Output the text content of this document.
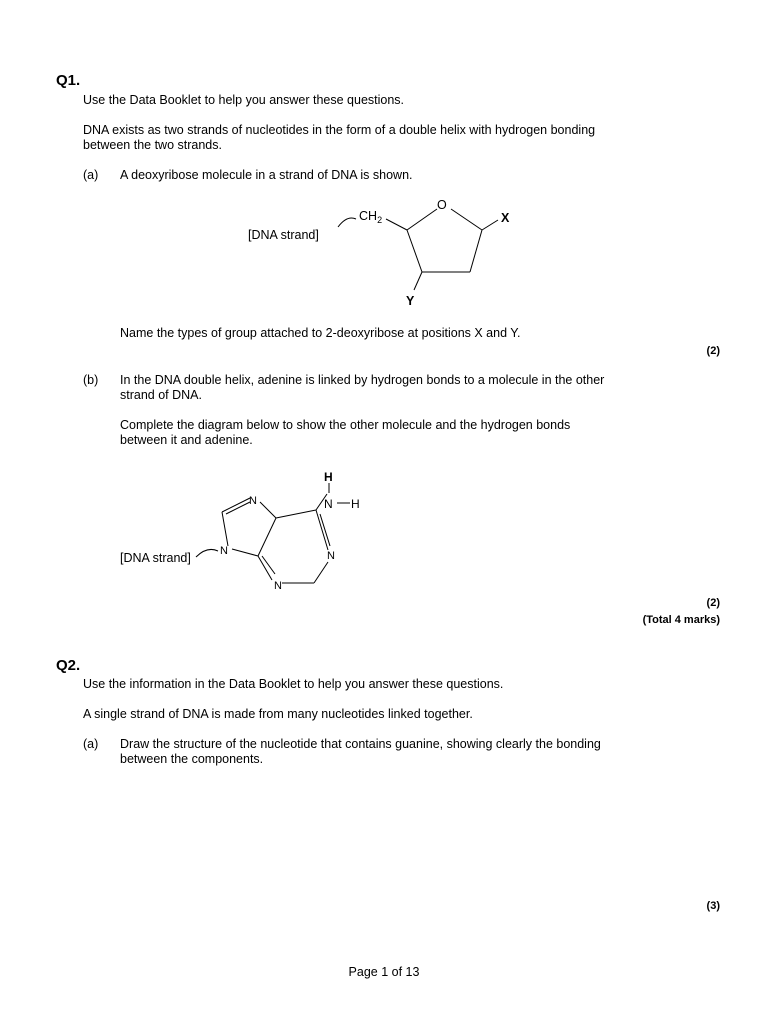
Q1.
Use the Data Booklet to help you answer these questions.
DNA exists as two strands of nucleotides in the form of a double helix with hydrogen bonding
between the two strands.
(a) A deoxyribose molecule in a strand of DNA is shown.
[DNA strand]
$CH_2$
O
X
Y
[DNA strand]	N
N
N
N
N H
H
Name the types of group attached to 2-deoxyribose at positions X and Y.
(2)
(b) In the DNA double helix, adenine is linked by hydrogen bonds to a molecule in the other
strand of DNA.
Complete the diagram below to show the other molecule and the hydrogen bonds
between it and adenine.
(2)
(Total 4 marks)
Q2.
Use the information in the Data Booklet to help you answer these questions.
A single strand of DNA is made from many nucleotides linked together.
(a) Draw the structure of the nucleotide that contains guanine, showing clearly the bonding
between the components.
(3)
Page 1 of 13
